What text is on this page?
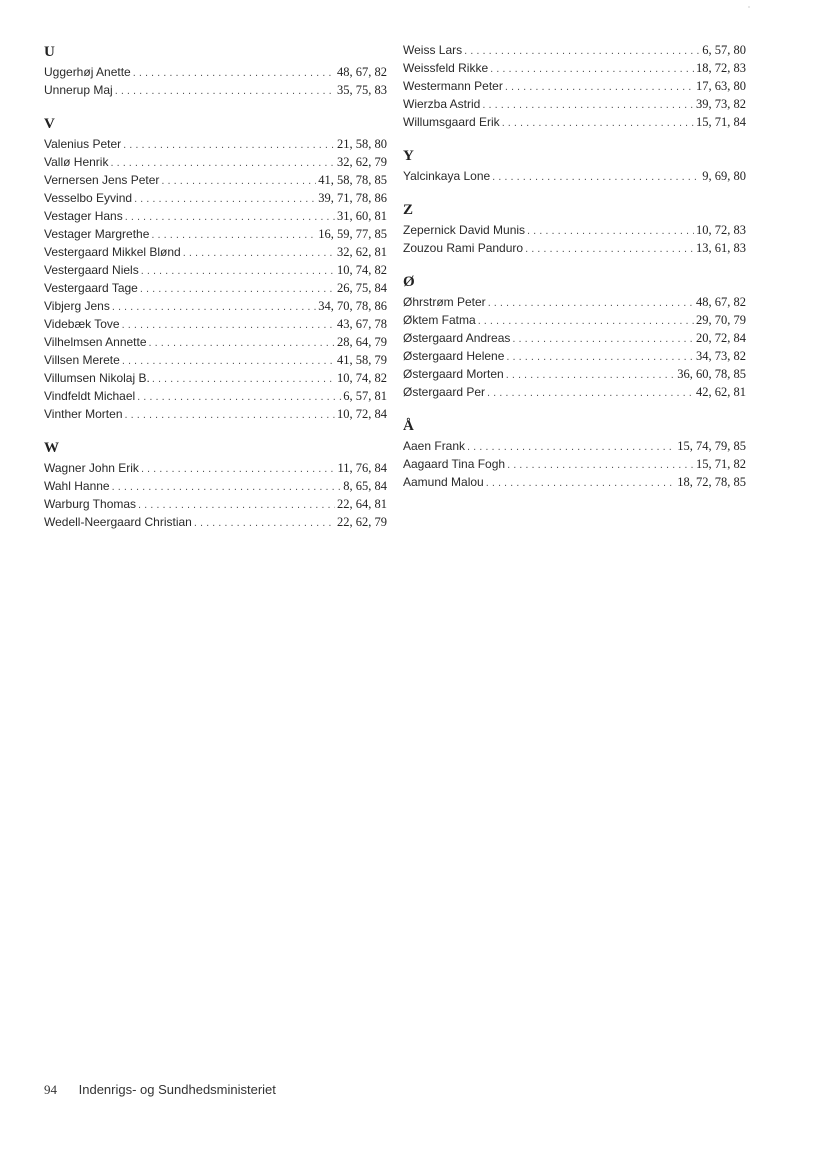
U
Uggerhøj Anette . . .	48, 67, 82
Unnerup Maj . . .	35, 75, 83
V
Valenius Peter . . .	21, 58, 80
Vallø Henrik . . .	32, 62, 79
Vernersen Jens Peter . . .	41, 58, 78, 85
Vesselbo Eyvind . . .	39, 71, 78, 86
Vestager Hans . . .	31, 60, 81
Vestager Margrethe . . .	16, 59, 77, 85
Vestergaard Mikkel Blønd . . .	32, 62, 81
Vestergaard Niels . . .	10, 74, 82
Vestergaard Tage . . .	26, 75, 84
Vibjerg Jens . . .	34, 70, 78, 86
Videbæk Tove . . .	43, 67, 78
Vilhelmsen Annette . . .	28, 64, 79
Villsen Merete . . .	41, 58, 79
Villumsen Nikolaj B. . . .	10, 74, 82
Vindfeldt Michael . . .	6, 57, 81
Vinther Morten . . .	10, 72, 84
W
Wagner John Erik . . .	11, 76, 84
Wahl Hanne . . .	8, 65, 84
Warburg Thomas . . .	22, 64, 81
Wedell-Neergaard Christian . . .	22, 62, 79
Weiss Lars . . .	6, 57, 80
Weissfeld Rikke . . .	18, 72, 83
Westermann Peter . . .	17, 63, 80
Wierzba Astrid . . .	39, 73, 82
Willumsgaard Erik . . .	15, 71, 84
Y
Yalcinkaya Lone . . .	9, 69, 80
Z
Zepernick David Munis . . .	10, 72, 83
Zouzou Rami Panduro . . .	13, 61, 83
Ø
Øhrstrøm Peter . . .	48, 67, 82
Øktem Fatma . . .	29, 70, 79
Østergaard Andreas . . .	20, 72, 84
Østergaard Helene . . .	34, 73, 82
Østergaard Morten . . .	36, 60, 78, 85
Østergaard Per . . .	42, 62, 81
Å
Aaen Frank . . .	15, 74, 79, 85
Aagaard Tina Fogh . . .	15, 71, 82
Aamund Malou . . .	18, 72, 78, 85
94 Indenrigs- og Sundhedsministeriet
